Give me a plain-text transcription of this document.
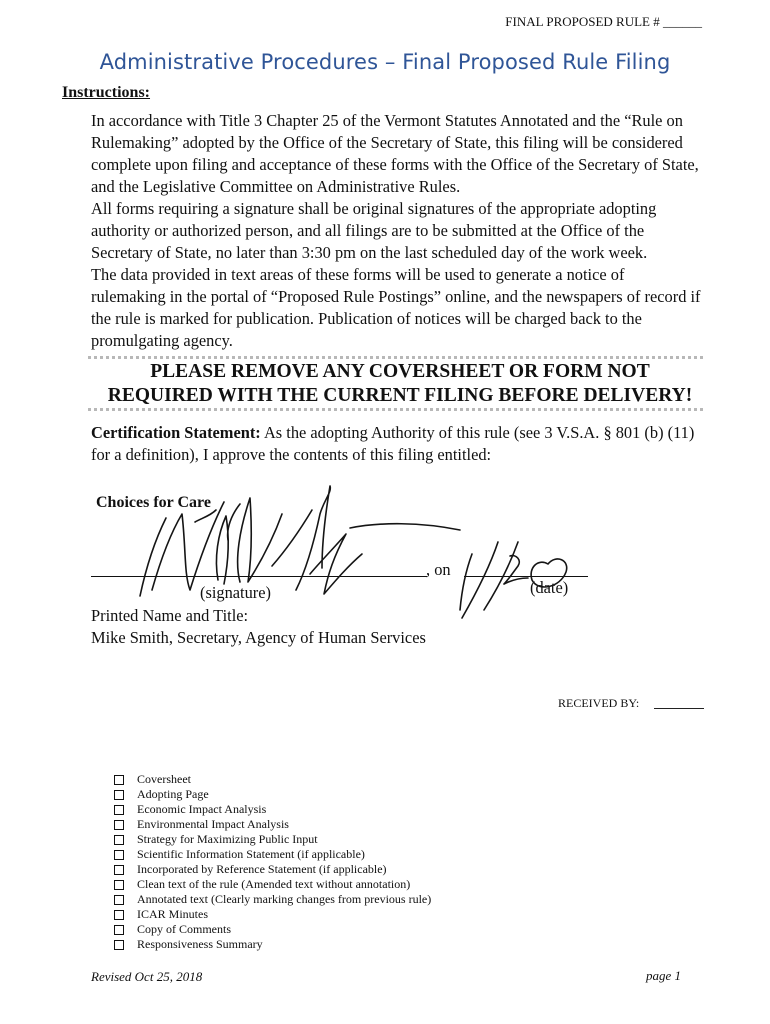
FINAL PROPOSED RULE # ______
Administrative Procedures – Final Proposed Rule Filing
Instructions:
In accordance with Title 3 Chapter 25 of the Vermont Statutes Annotated and the “Rule on Rulemaking” adopted by the Office of the Secretary of State, this filing will be considered complete upon filing and acceptance of these forms with the Office of the Secretary of State, and the Legislative Committee on Administrative Rules.
All forms requiring a signature shall be original signatures of the appropriate adopting authority or authorized person, and all filings are to be submitted at the Office of the Secretary of State, no later than 3:30 pm on the last scheduled day of the work week.
The data provided in text areas of these forms will be used to generate a notice of rulemaking in the portal of “Proposed Rule Postings” online, and the newspapers of record if the rule is marked for publication. Publication of notices will be charged back to the promulgating agency.
PLEASE REMOVE ANY COVERSHEET OR FORM NOT
REQUIRED WITH THE CURRENT FILING BEFORE DELIVERY!
Certification Statement: As the adopting Authority of this rule (see 3 V.S.A. § 801 (b) (11) for a definition), I approve the contents of this filing entitled:
Choices for Care
, on
(signature)	(date)
Printed Name and Title:
Mike Smith, Secretary, Agency of Human Services
RECEIVED BY:
Coversheet
Adopting Page
Economic Impact Analysis
Environmental Impact Analysis
Strategy for Maximizing Public Input
Scientific Information Statement (if applicable)
Incorporated by Reference Statement (if applicable)
Clean text of the rule (Amended text without annotation)
Annotated text (Clearly marking changes from previous rule)
ICAR Minutes
Copy of Comments
Responsiveness Summary
Revised Oct 25, 2018	page 1
